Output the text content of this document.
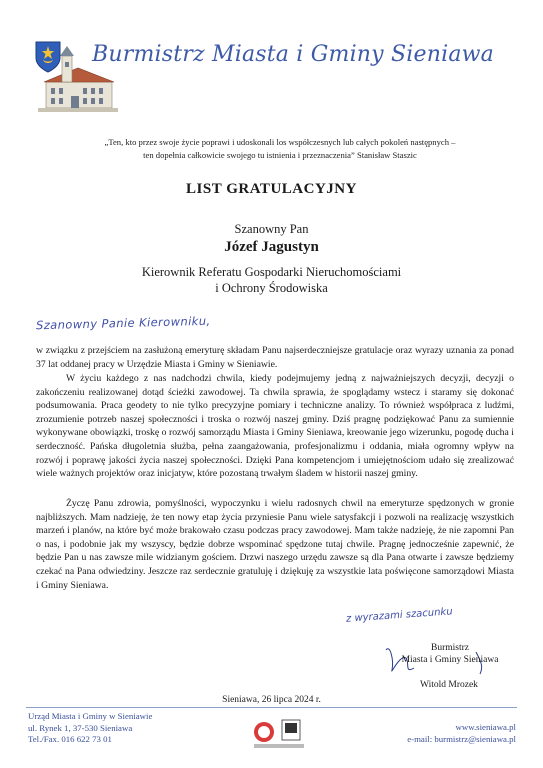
Burmistrz Miasta i Gminy Sieniawa
„Ten, kto przez swoje życie poprawi i udoskonali los współczesnych lub całych pokoleń następnych –
ten dopełnia całkowicie swojego tu istnienia i przeznaczenia” Stanisław Staszic
LIST GRATULACYJNY
Szanowny Pan
Józef Jagustyn
Kierownik Referatu Gospodarki Nieruchomościami
i Ochrony Środowiska
Szanowny Panie Kierowniku,

w związku z przejściem na zasłużoną emeryturę składam Panu najserdeczniejsze gratulacje oraz wyrazy uznania za ponad 37 lat oddanej pracy w Urzędzie Miasta i Gminy w Sieniawie.

W życiu każdego z nas nadchodzi chwila, kiedy podejmujemy jedną z najważniejszych decyzji, decyzji o zakończeniu realizowanej dotąd ścieżki zawodowej. Ta chwila sprawia, że spoglądamy wstecz i staramy się dokonać podsumowania. Praca geodety to nie tylko precyzyjne pomiary i techniczne analizy. To również współpraca z ludźmi, zrozumienie potrzeb naszej społeczności i troska o rozwój naszej gminy. Dziś pragnę podziękować Panu za sumiennie wykonywane obowiązki, troskę o rozwój samorządu Miasta i Gminy Sieniawa, kreowanie jego wizerunku, pogodę ducha i serdeczność. Pańska długoletnia służba, pełna zaangażowania, profesjonalizmu i oddania, miała ogromny wpływ na rozwój i poprawę jakości życia naszej społeczności. Dzięki Pana kompetencjom i umiejętnościom udało się zrealizować wiele ważnych projektów oraz inicjatyw, które pozostaną trwałym śladem w historii naszej gminy.

Życzę Panu zdrowia, pomyślności, wypoczynku i wielu radosnych chwil na emeryturze spędzonych w gronie najbliższych. Mam nadzieję, że ten nowy etap życia przyniesie Panu wiele satysfakcji i pozwoli na realizację wszystkich marzeń i planów, na które być może brakowało czasu podczas pracy zawodowej. Mam także nadzieję, że nie zapomni Pan o nas, i podobnie jak my wszyscy, będzie dobrze wspominać spędzone tutaj chwile. Pragnę jednocześnie zapewnić, że będzie Pan u nas zawsze mile widzianym gościem. Drzwi naszego urzędu zawsze są dla Pana otwarte i zawsze będziemy czekać na Pana odwiedziny. Jeszcze raz serdecznie gratuluję i dziękuję za wszystkie lata poświęcone samorządowi Miasta i Gminy Sieniawa.

z wyrazami szacunku
Burmistrz
Miasta i Gminy Sieniawa
Witold Mrozek
Sieniawa, 26 lipca 2024 r.
Urząd Miasta i Gminy w Sieniawie
ul. Rynek 1, 37-530 Sieniawa
Tel./Fax. 016 622 73 01
www.sieniawa.pl
e-mail: burmistrz@sieniawa.pl
